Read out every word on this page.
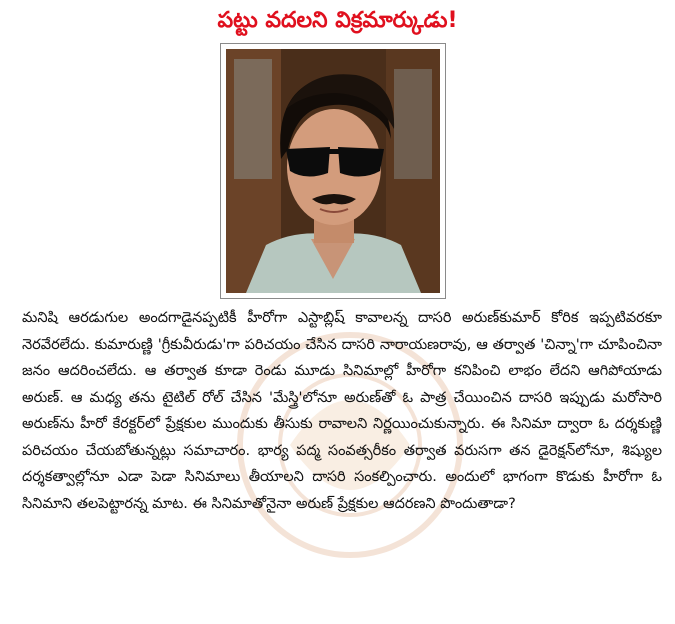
పట్టు వదలని విక్రమార్కుడు!

మనిషి ఆరడుగుల అందగాడైనప్పటికీ హీరోగా ఎస్టాబ్లిష్ కావాలన్న దాసరి అరుణ్‌కుమార్ కోరిక ఇప్పటివరకూ నెరవేరలేదు. కుమారుణ్ణి 'గ్రీకువీరుడు'గా పరిచయం చేసిన దాసరి నారాయణరావు, ఆ తర్వాత 'చిన్నా'గా చూపించినా జనం ఆదరించలేదు. ఆ తర్వాత కూడా రెండు మూడు సినిమాల్లో హీరోగా కనిపించి లాభం లేదని ఆగిపోయాడు అరుణ్. ఆ మధ్య తను టైటిల్ రోల్ చేసిన 'మేస్త్రి'లోనూ అరుణ్‌తో ఓ పాత్ర చేయించిన దాసరి ఇప్పుడు మరోసారి అరుణ్‌ను హీరో కేరక్టర్‌లో ప్రేక్షకుల ముందుకు తీసుకు రావాలని నిర్ణయించుకున్నారు. ఈ సినిమా ద్వారా ఓ దర్శకుణ్ణి పరిచయం చేయబోతున్నట్లు సమాచారం. భార్య పద్మ సంవత్సరీకం తర్వాత వరుసగా తన డైరెక్షన్‌లోనూ, శిష్యుల దర్శకత్వాల్లోనూ ఎడా పెడా సినిమాలు తీయాలని దాసరి సంకల్పించారు. అందులో భాగంగా కొడుకు హీరోగా ఓ సినిమాని తలపెట్టారన్న మాట. ఈ సినిమాతోనైనా అరుణ్ ప్రేక్షకుల ఆదరణని పొందుతాడా?
